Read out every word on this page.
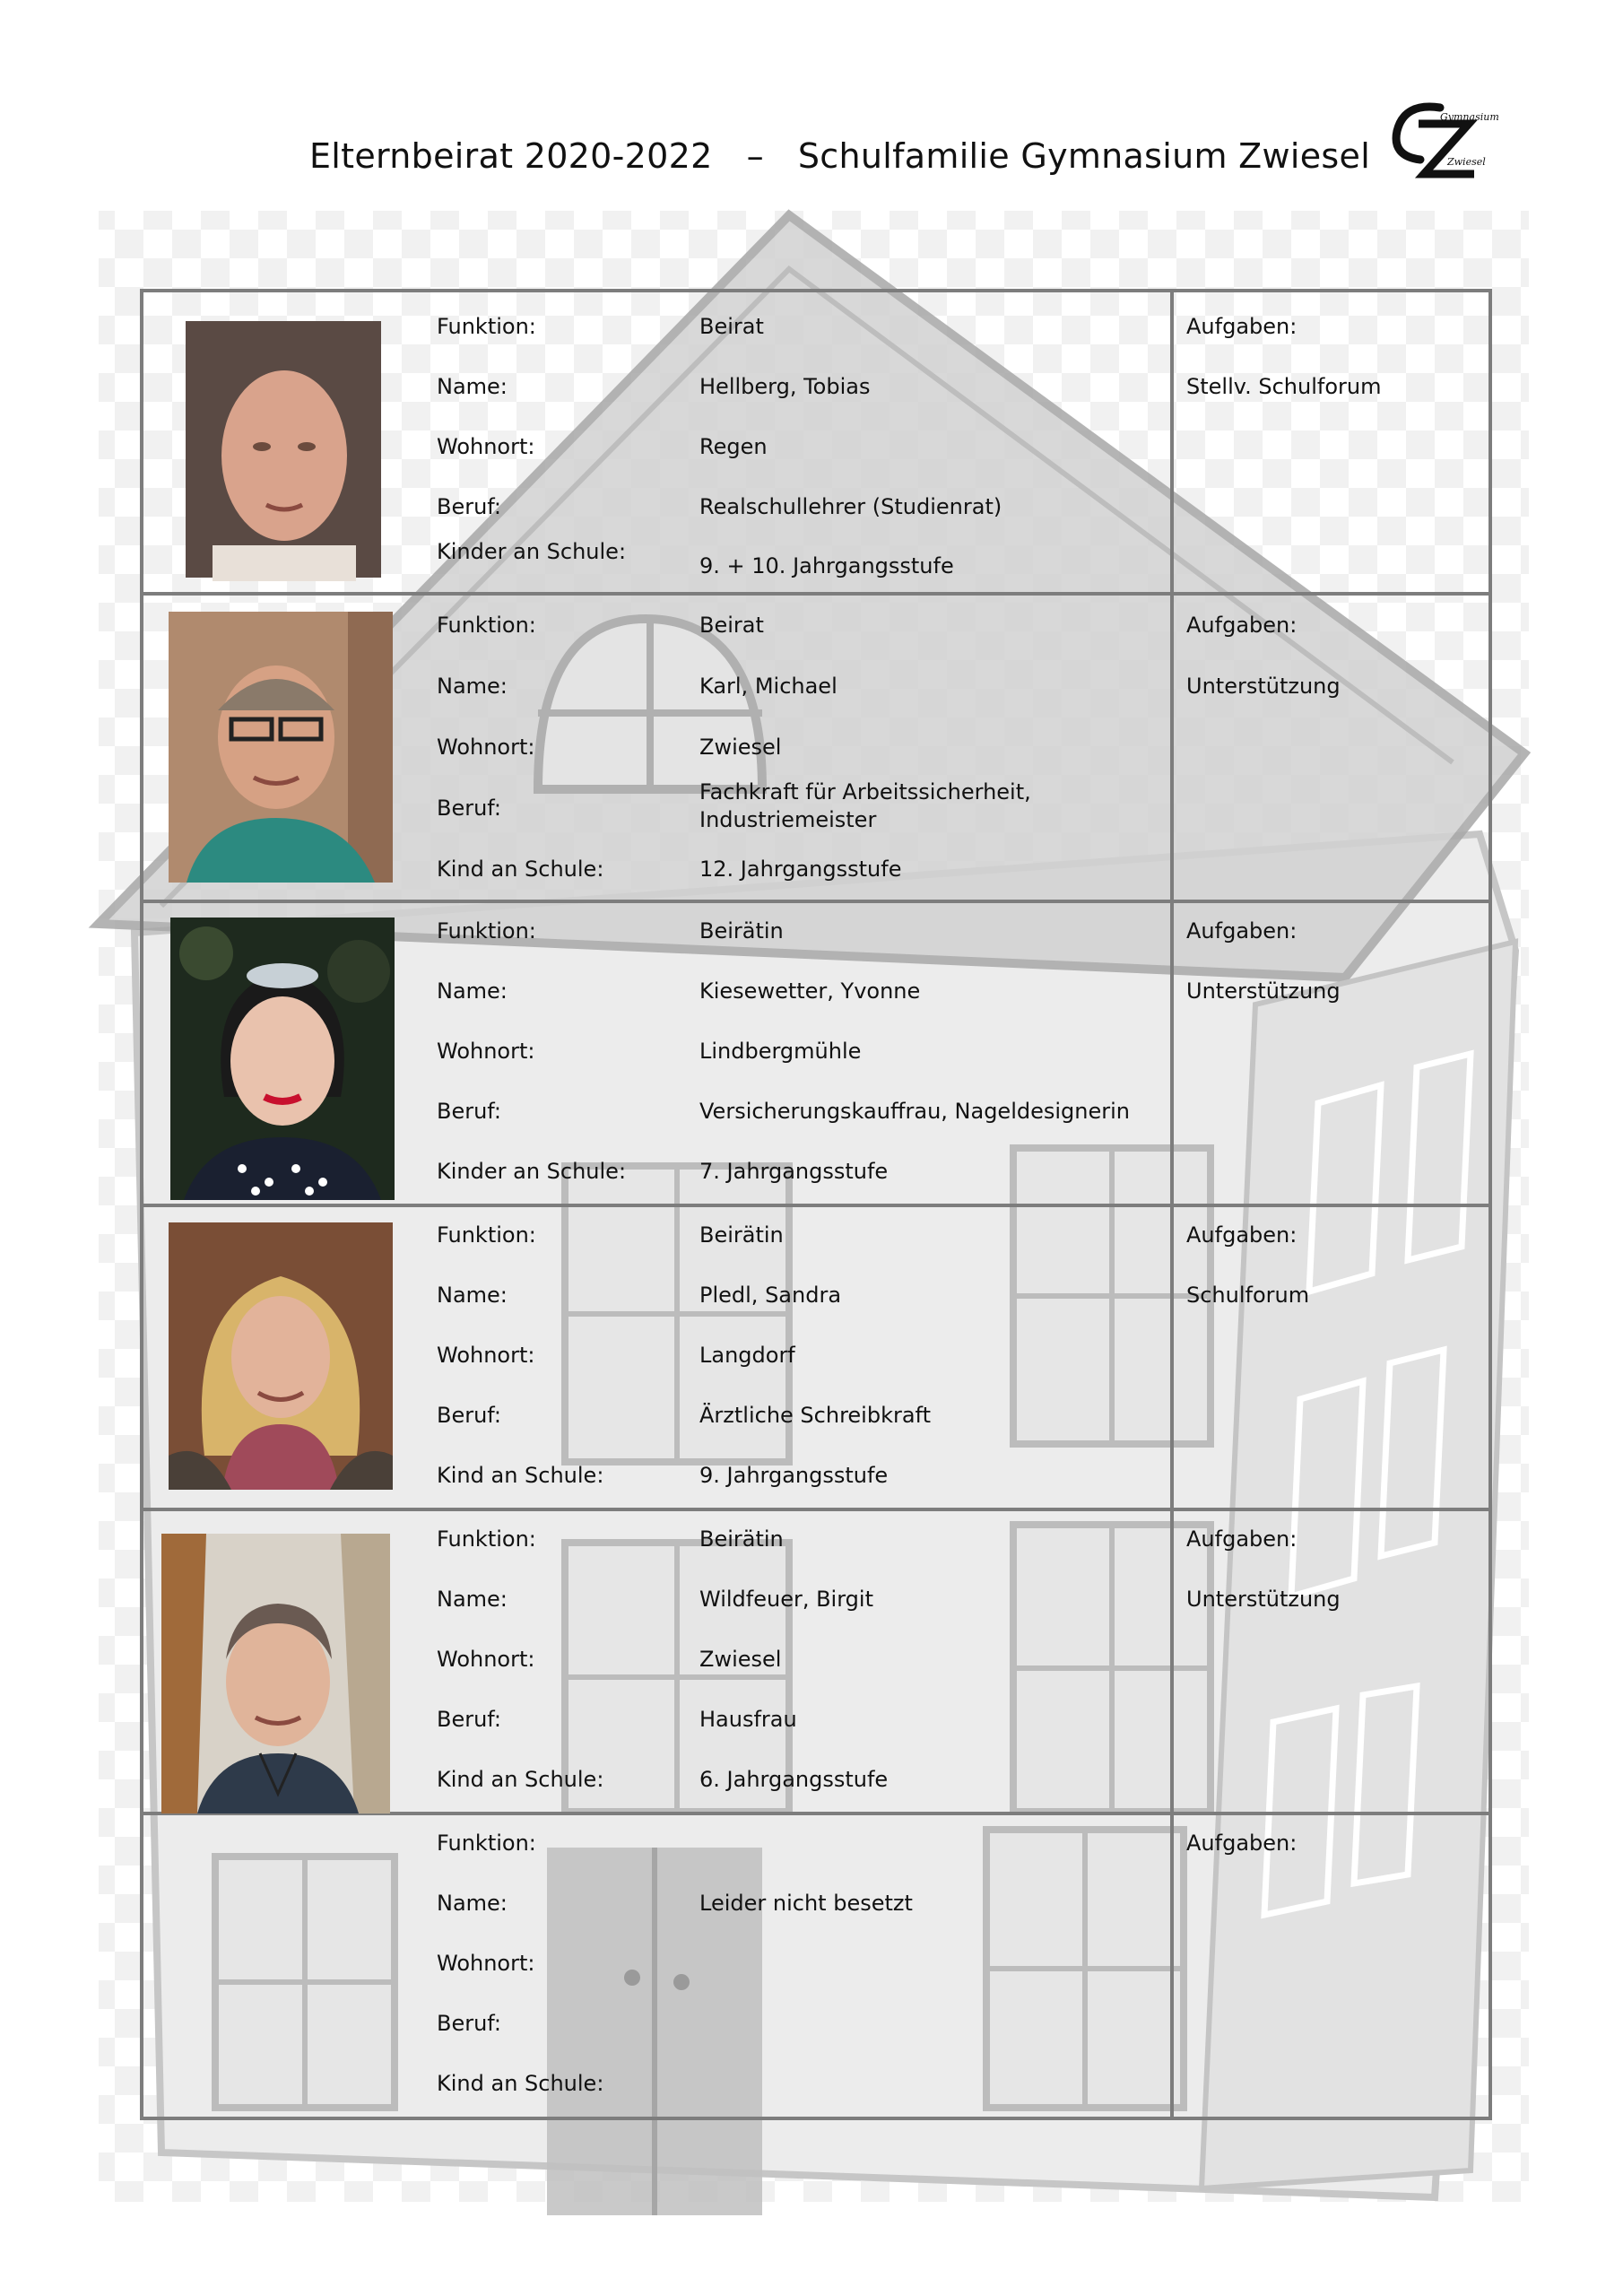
Elternbeirat 2020-2022 – Schulfamilie Gymnasium Zwiesel
Gymnasium
Zwiesel
Funktion:	Beirat
Name:	Hellberg, Tobias
Wohnort:	Regen
Beruf:	Realschullehrer (Studienrat)
Kinder an Schule:
9. + 10. Jahrgangsstufe
Aufgaben:
Stellv. Schulforum
Funktion:	Beirat
Name:	Karl, Michael
Wohnort:	Zwiesel
Beruf:
Fachkraft für Arbeitssicherheit, Industriemeister
Kind an Schule:	12. Jahrgangsstufe
Aufgaben:
Unterstützung
Funktion:	Beirätin
Name:	Kiesewetter, Yvonne
Wohnort:	Lindbergmühle
Beruf:	Versicherungskauffrau, Nageldesignerin
Kinder an Schule:	7. Jahrgangsstufe
Aufgaben:
Unterstützung
Funktion:	Beirätin
Name:	Pledl, Sandra
Wohnort:	Langdorf
Beruf:	Ärztliche Schreibkraft
Kind an Schule:	9. Jahrgangsstufe
Aufgaben:
Schulforum
Funktion:	Beirätin
Name:	Wildfeuer, Birgit
Wohnort:	Zwiesel
Beruf:	Hausfrau
Kind an Schule:	6. Jahrgangsstufe
Aufgaben:
Unterstützung
Funktion:
Name:	Leider nicht besetzt
Wohnort:
Beruf:
Kind an Schule:
Aufgaben:
